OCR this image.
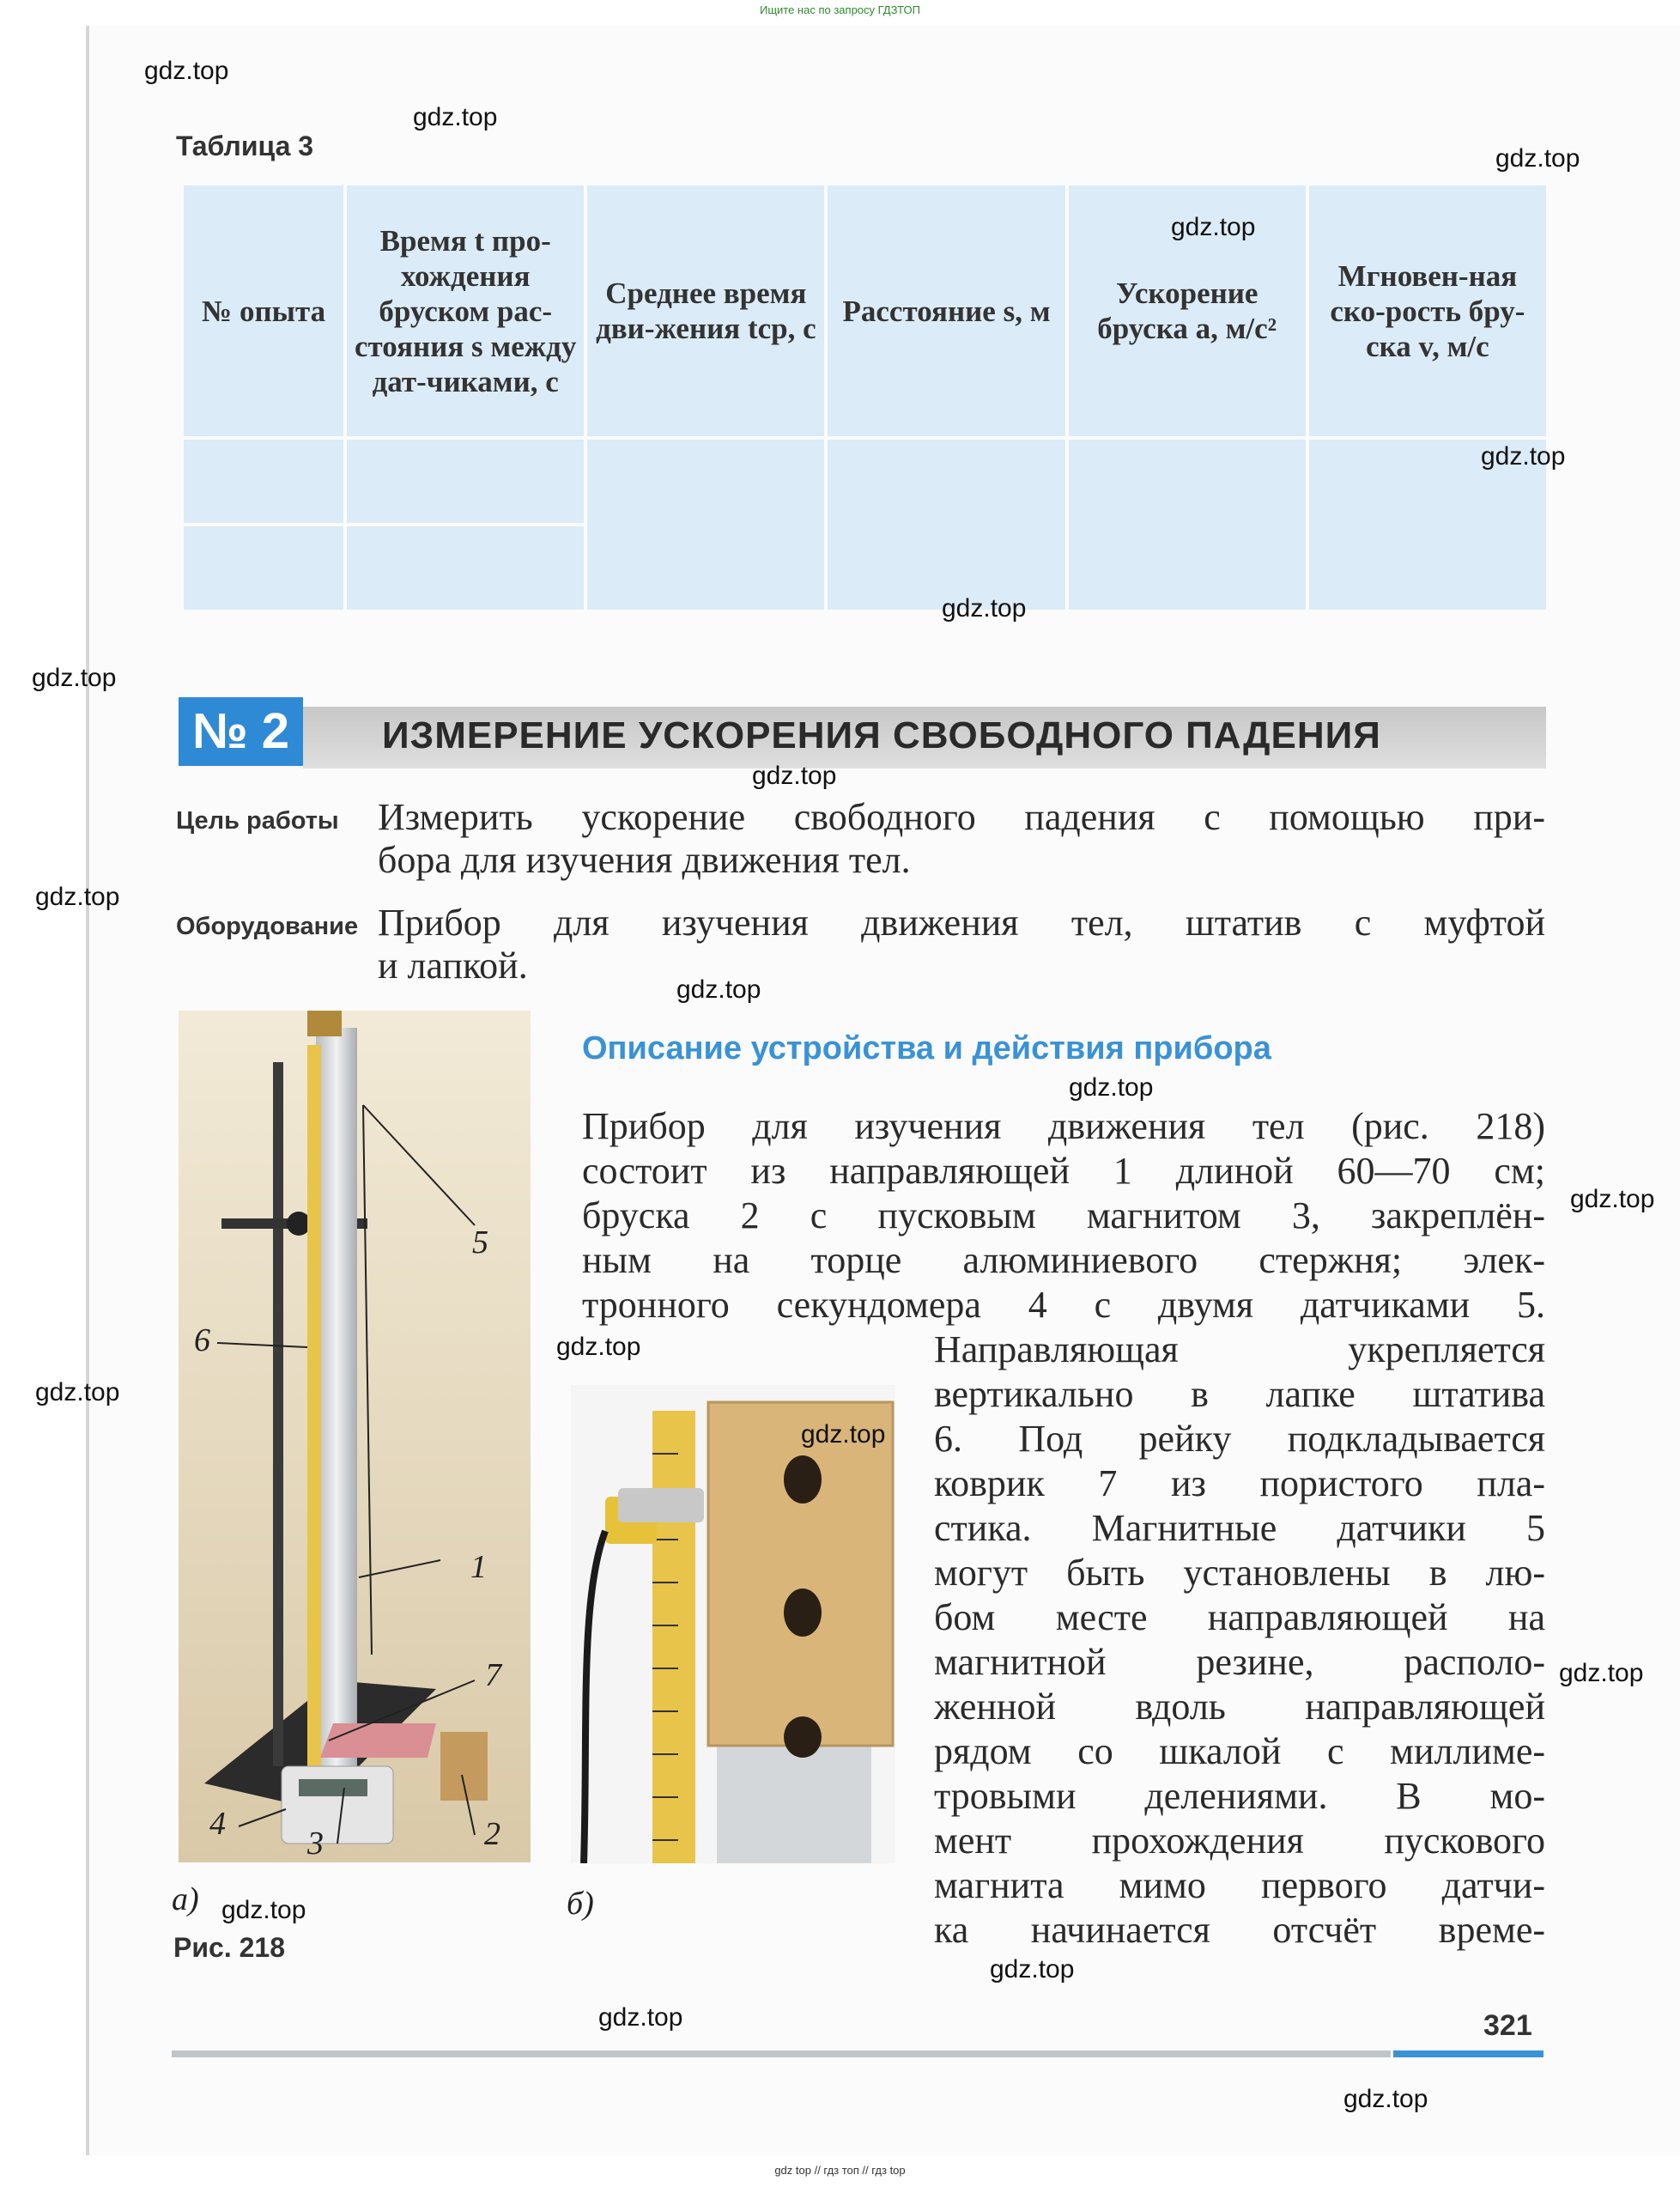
Ищите нас по запросу ГДЗТОП
Таблица 3
№ опыта	Время t про-хождения бруском рас-стояния s между дат-чиками, с	Среднее время дви-жения tср, с	Расстояние s, м	Ускорение бруска a, м/с²	Мгновен-ная ско-рость бру-ска v, м/с

№ 2	ИЗМЕРЕНИЕ УСКОРЕНИЯ СВОБОДНОГО ПАДЕНИЯ
Цель работы Измерить ускорение свободного падения с помощью при-
бора для изучения движения тел.
Оборудование Прибор для изучения движения тел, штатив с муфтой
и лапкой.
Описание устройства и действия прибора
Прибор для изучения движения тел (рис. 218)
состоит из направляющей 1 длиной 60—70 см;
бруска 2 с пусковым магнитом 3, закреплён-
ным на торце алюминиевого стержня; элек-
тронного секундомера 4 с двумя датчиками 5.
Направляющая укрепляется
вертикально в лапке штатива
6. Под рейку подкладывается
коврик 7 из пористого пла-
стика. Магнитные датчики 5
могут быть установлены в лю-
бом месте направляющей на
магнитной резине, располо-
женной вдоль направляющей
рядом со шкалой с миллиме-
тровыми делениями. В мо-
мент прохождения пускового
магнита мимо первого датчи-
ка начинается отсчёт време-
5
6
1
7
4
3	2
а)	б)
Рис. 218
321
gdz top // гдз топ // гдз top
gdz.top
gdz.top
gdz.top
gdz.top
gdz.top
gdz.top
gdz.top
gdz.top
gdz.top
gdz.top
gdz.top
gdz.top
gdz.top
gdz.top
gdz.top
gdz.top
gdz.top
gdz.top
gdz.top
gdz.top
